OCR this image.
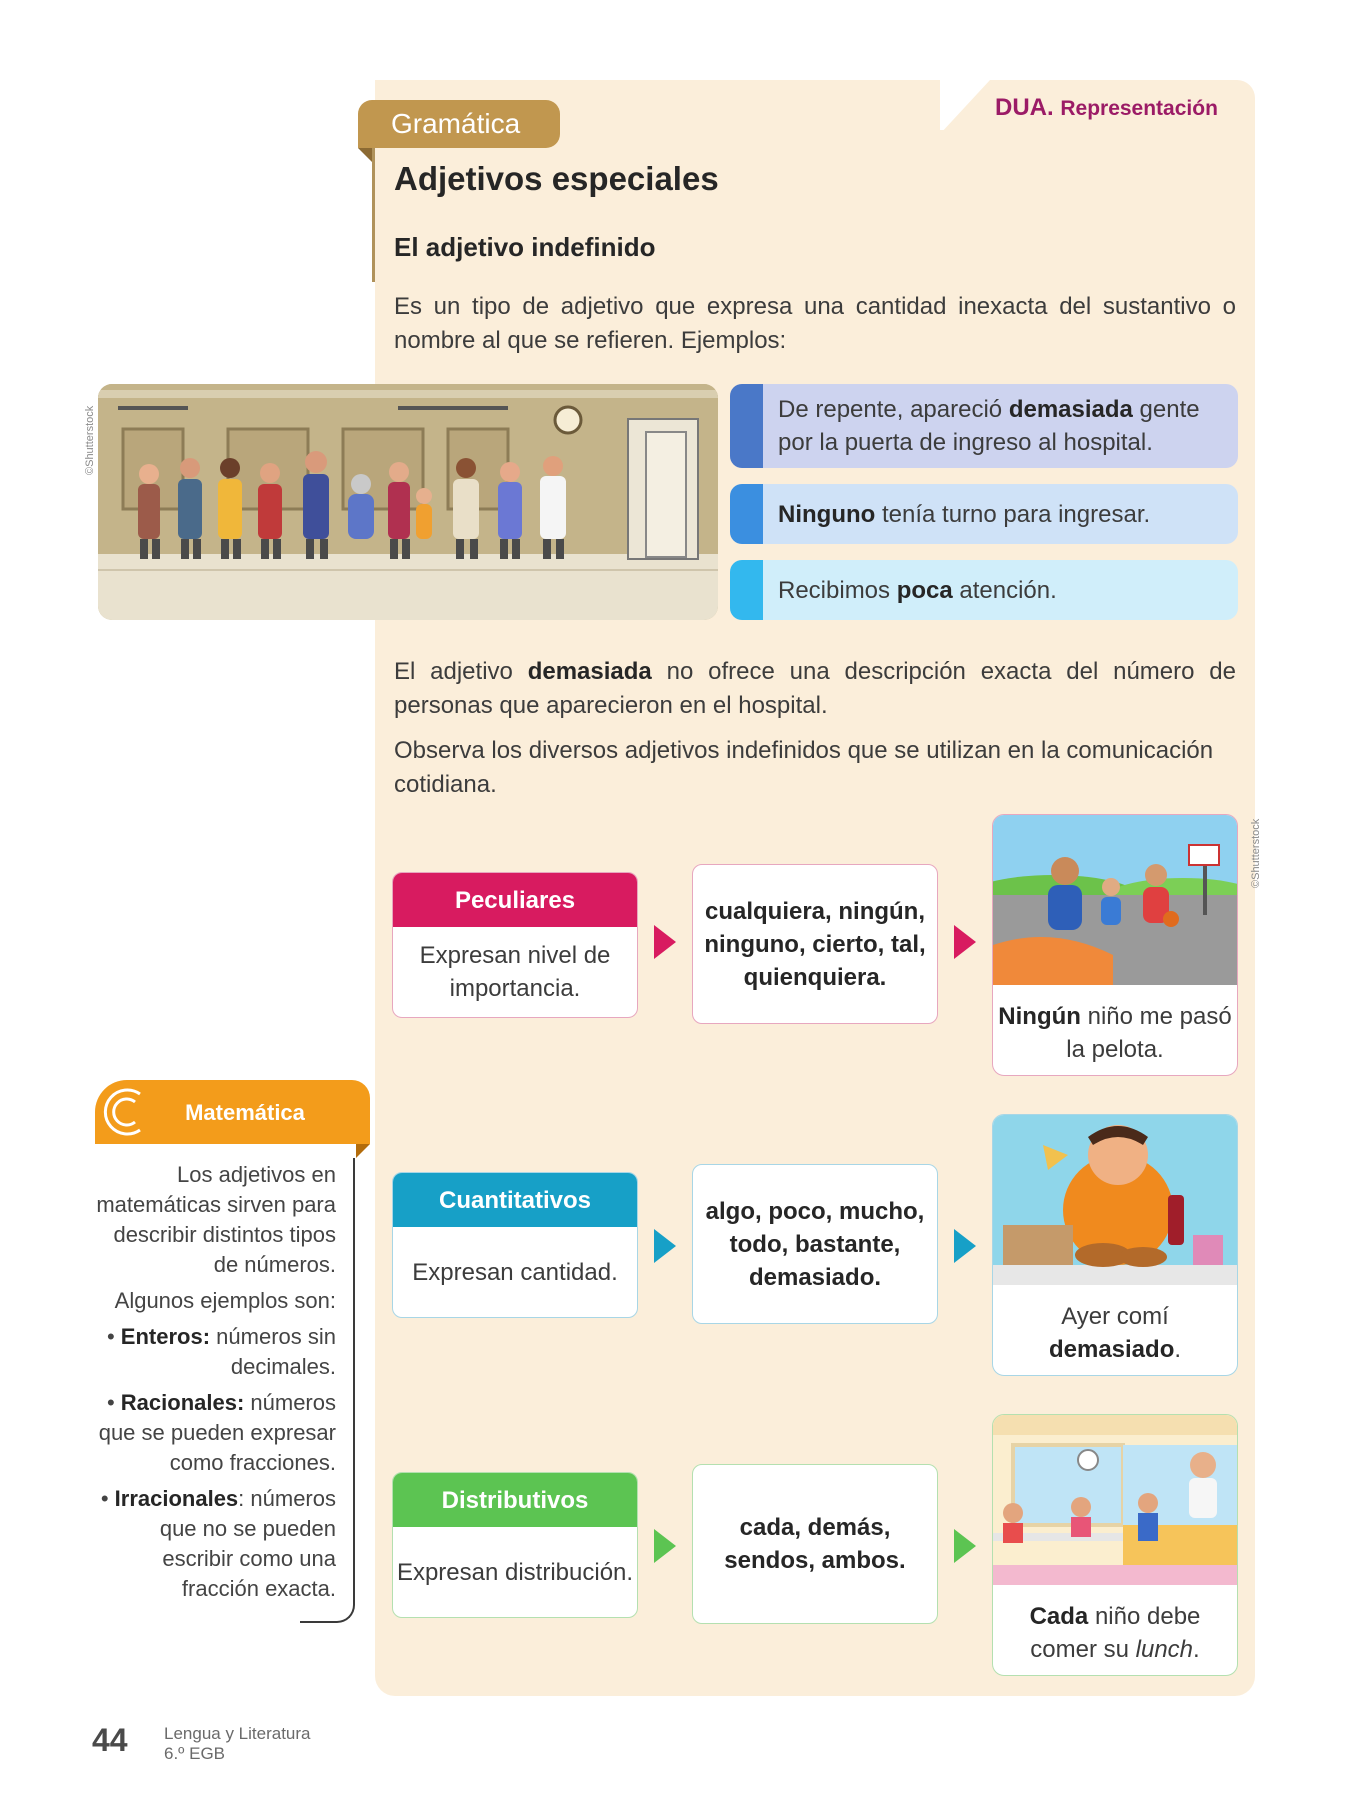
DUA. Representación
Gramática
Adjetivos especiales
El adjetivo indefinido

Es un tipo de adjetivo que expresa una cantidad inexacta del sustantivo o nombre al que se refieren. Ejemplos:

©Shutterstock	De repente, apareció demasiada gente por la puerta de ingreso al hospital.
Ninguno tenía turno para ingresar.
Recibimos poca atención.

El adjetivo demasiada no ofrece una descripción exacta del número de personas que aparecieron en el hospital.

Observa los diversos adjetivos indefinidos que se utilizan en la comunicación cotidiana.

Peculiares
Expresan nivel de importancia.
cualquiera, ningún, ninguno, cierto, tal, quienquiera.
Ningún niño me pasó la pelota.
Cuantitativos
Expresan cantidad.
algo, poco, mucho, todo, bastante, demasiado.
Ayer comí
demasiado.
Distributivos
Expresan distribución.
cada, demás, sendos, ambos.
Cada niño debe comer su lunch.
©Shutterstock
Matemática

Los adjetivos en matemáticas sirven para describir distintos tipos de números.

Algunos ejemplos son:

• Enteros: números sin decimales.

• Racionales: números que se pueden expresar como fracciones.

• Irracionales: números que no se pueden escribir como una fracción exacta.

44 Lengua y Literatura
6.º EGB
